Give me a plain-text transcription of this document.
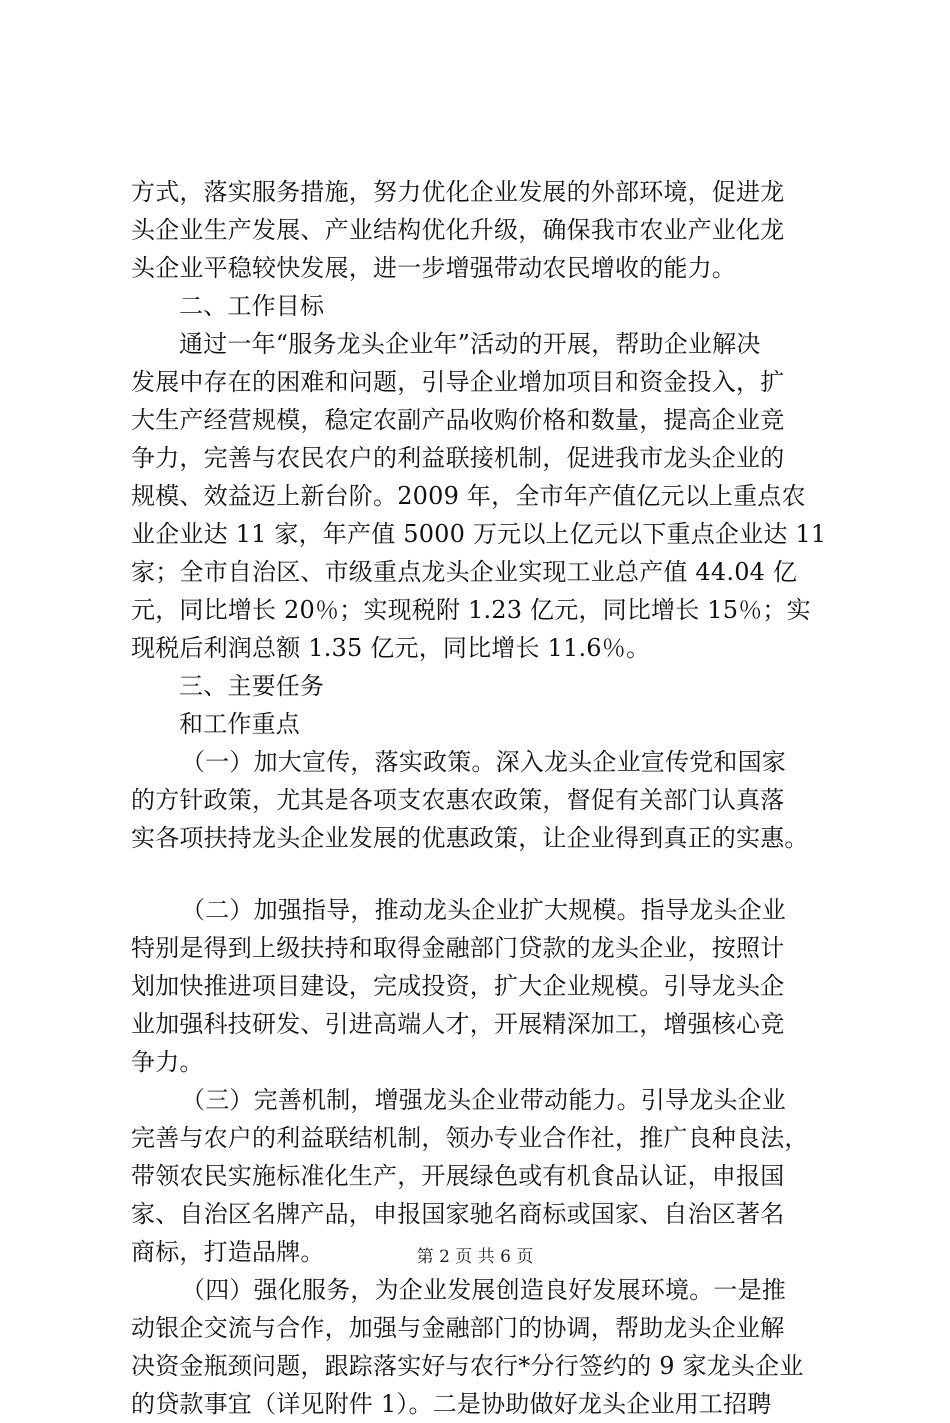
方式，落实服务措施，努力优化企业发展的外部环境，促进龙
头企业生产发展、产业结构优化升级，确保我市农业产业化龙
头企业平稳较快发展，进一步增强带动农民增收的能力。
二、工作目标
通过一年“服务龙头企业年”活动的开展，帮助企业解决
发展中存在的困难和问题，引导企业增加项目和资金投入，扩
大生产经营规模，稳定农副产品收购价格和数量，提高企业竞
争力，完善与农民农户的利益联接机制，促进我市龙头企业的
规模、效益迈上新台阶。2009 年，全市年产值亿元以上重点农
业企业达 11 家，年产值 5000 万元以上亿元以下重点企业达 11
家；全市自治区、市级重点龙头企业实现工业总产值 44.04 亿
元，同比增长 20％；实现税附 1.23 亿元，同比增长 15％；实
现税后利润总额 1.35 亿元，同比增长 11.6％。
三、主要任务
和工作重点
（一）加大宣传，落实政策。深入龙头企业宣传党和国家
的方针政策，尤其是各项支农惠农政策，督促有关部门认真落
实各项扶持龙头企业发展的优惠政策，让企业得到真正的实惠。
（二）加强指导，推动龙头企业扩大规模。指导龙头企业
特别是得到上级扶持和取得金融部门贷款的龙头企业，按照计
划加快推进项目建设，完成投资，扩大企业规模。引导龙头企
业加强科技研发、引进高端人才，开展精深加工，增强核心竞
争力。
（三）完善机制，增强龙头企业带动能力。引导龙头企业
完善与农户的利益联结机制，领办专业合作社，推广良种良法，
带领农民实施标准化生产，开展绿色或有机食品认证，申报国
家、自治区名牌产品，申报国家驰名商标或国家、自治区著名
商标，打造品牌。
（四）强化服务，为企业发展创造良好发展环境。一是推
动银企交流与合作，加强与金融部门的协调，帮助龙头企业解
决资金瓶颈问题，跟踪落实好与农行*分行签约的 9 家龙头企业
的贷款事宜（详见附件 1）。二是协助做好龙头企业用工招聘
第 2 页 共 6 页
